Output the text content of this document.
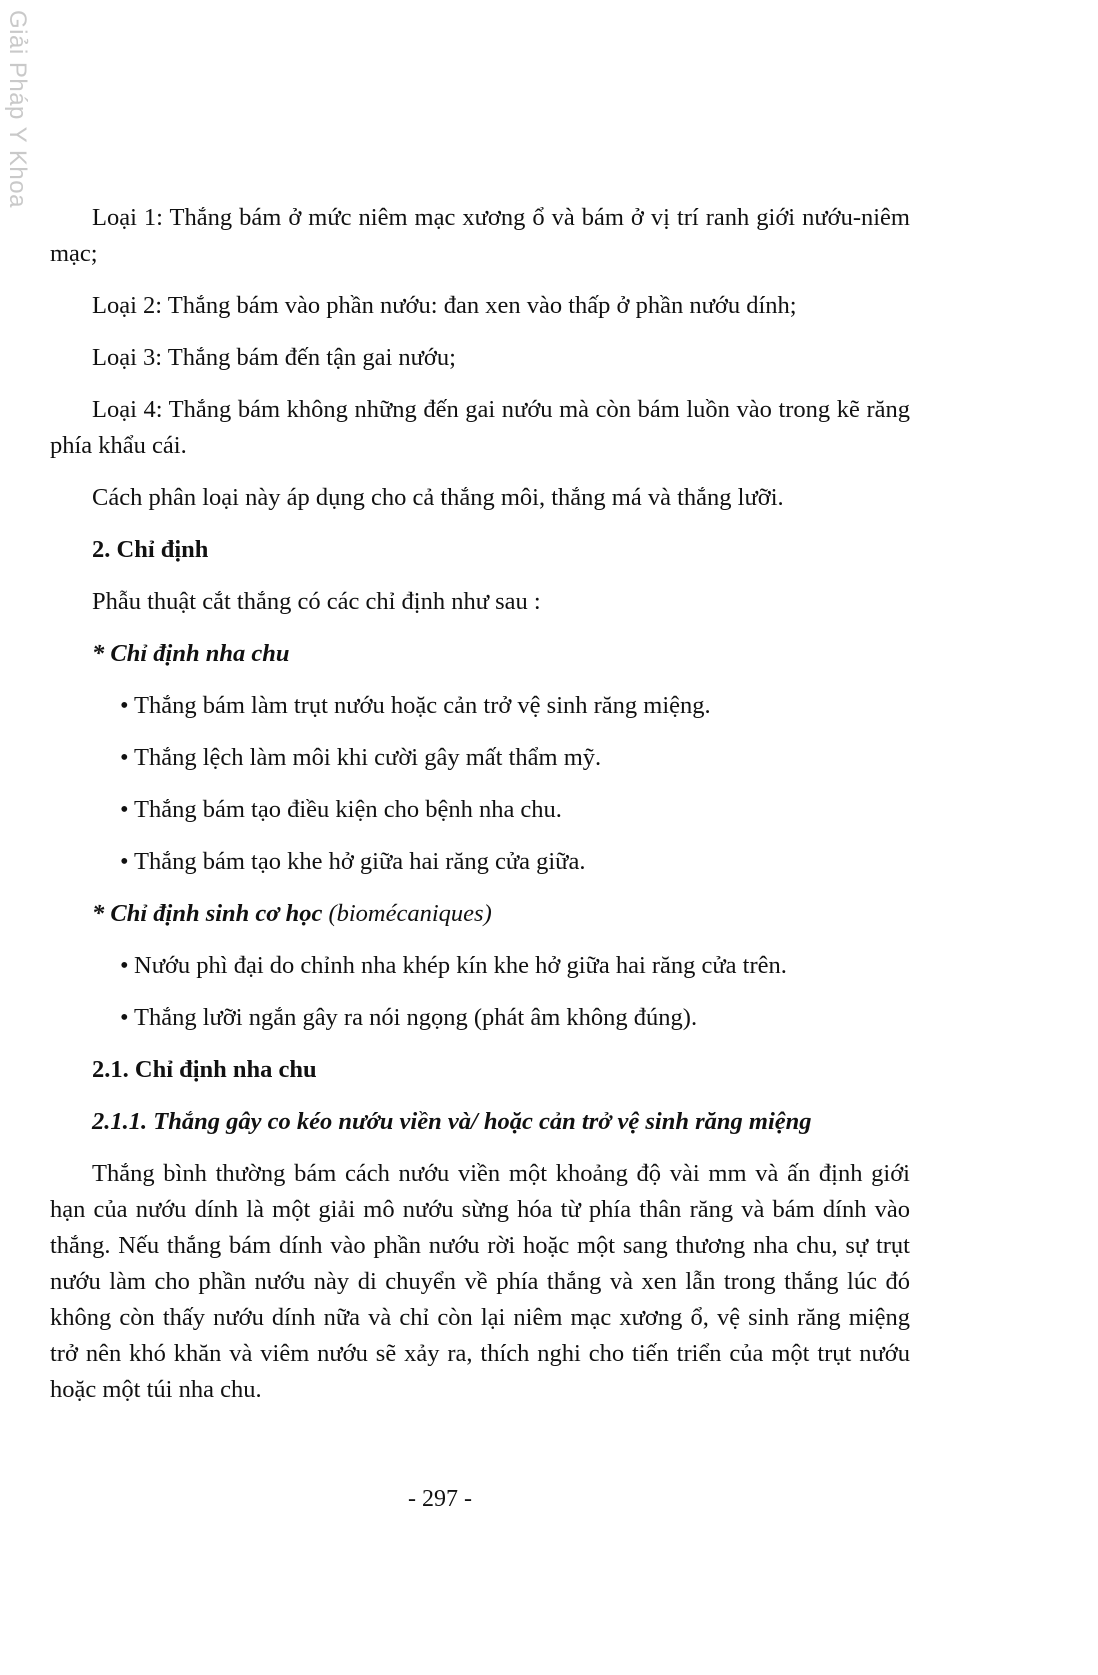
Giải Pháp Y Khoa

Loại 1: Thắng bám ở mức niêm mạc xương ổ và bám ở vị trí ranh giới nướu-niêm mạc;

Loại 2: Thắng bám vào phần nướu: đan xen vào thấp ở phần nướu dính;

Loại 3: Thắng bám đến tận gai nướu;

Loại 4: Thắng bám không những đến gai nướu mà còn bám luồn vào trong kẽ răng phía khẩu cái.

Cách phân loại này áp dụng cho cả thắng môi, thắng má và thắng lưỡi.

2. Chỉ định

Phẫu thuật cắt thắng có các chỉ định như sau :

* Chỉ định nha chu
• Thắng bám làm trụt nướu hoặc cản trở vệ sinh răng miệng.
• Thắng lệch làm môi khi cười gây mất thẩm mỹ.
• Thắng bám tạo điều kiện cho bệnh nha chu.
• Thắng bám tạo khe hở giữa hai răng cửa giữa.
* Chỉ định sinh cơ học (biomécaniques)
• Nướu phì đại do chỉnh nha khép kín khe hở giữa hai răng cửa trên.
• Thắng lưỡi ngắn gây ra nói ngọng (phát âm không đúng).
2.1. Chỉ định nha chu
2.1.1. Thắng gây co kéo nướu viền và/ hoặc cản trở vệ sinh răng miệng

Thắng bình thường bám cách nướu viền một khoảng độ vài mm và ấn định giới hạn của nướu dính là một giải mô nướu sừng hóa từ phía thân răng và bám dính vào thắng. Nếu thắng bám dính vào phần nướu rời hoặc một sang thương nha chu, sự trụt nướu làm cho phần nướu này di chuyển về phía thắng và xen lẫn trong thắng lúc đó không còn thấy nướu dính nữa và chỉ còn lại niêm mạc xương ổ, vệ sinh răng miệng trở nên khó khăn và viêm nướu sẽ xảy ra, thích nghi cho tiến triển của một trụt nướu hoặc một túi nha chu.

- 297 -
